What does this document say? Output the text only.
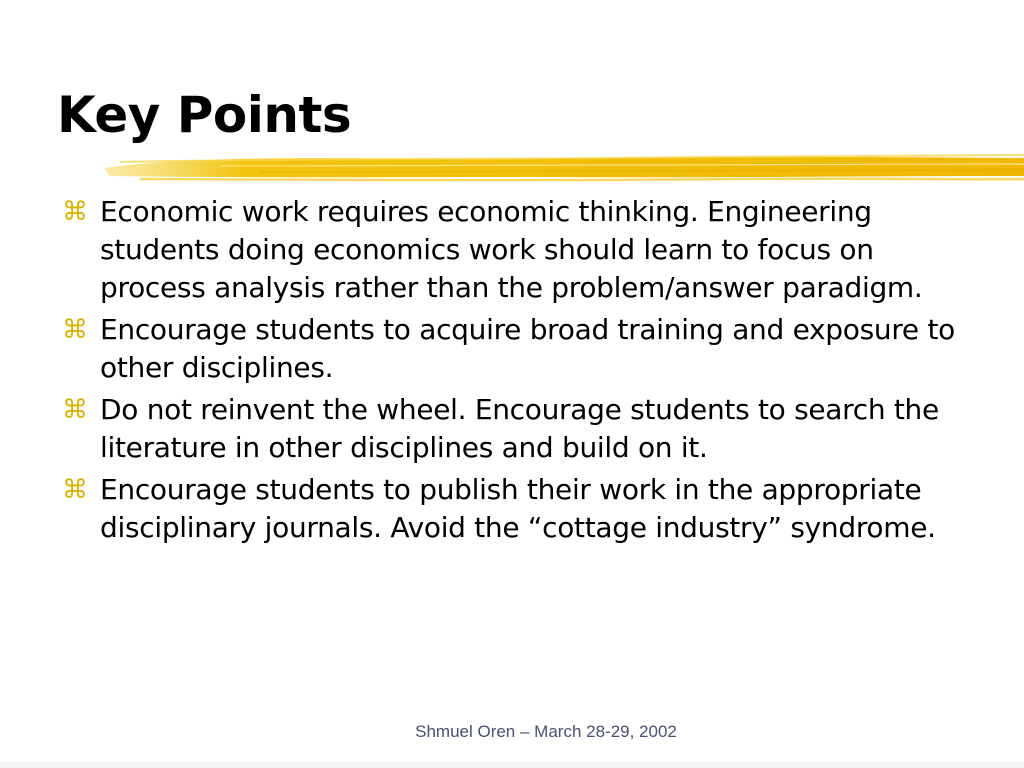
Key Points
⌘ Economic work requires economic thinking. Engineering students doing economics work should learn to focus on process analysis rather than the problem/answer paradigm.
⌘ Encourage students to acquire broad training and exposure to other disciplines.
⌘ Do not reinvent the wheel. Encourage students to search the literature in other disciplines and build on it.
⌘ Encourage students to publish their work in the appropriate disciplinary journals. Avoid the “cottage industry” syndrome.
Shmuel Oren – March 28-29, 2002
